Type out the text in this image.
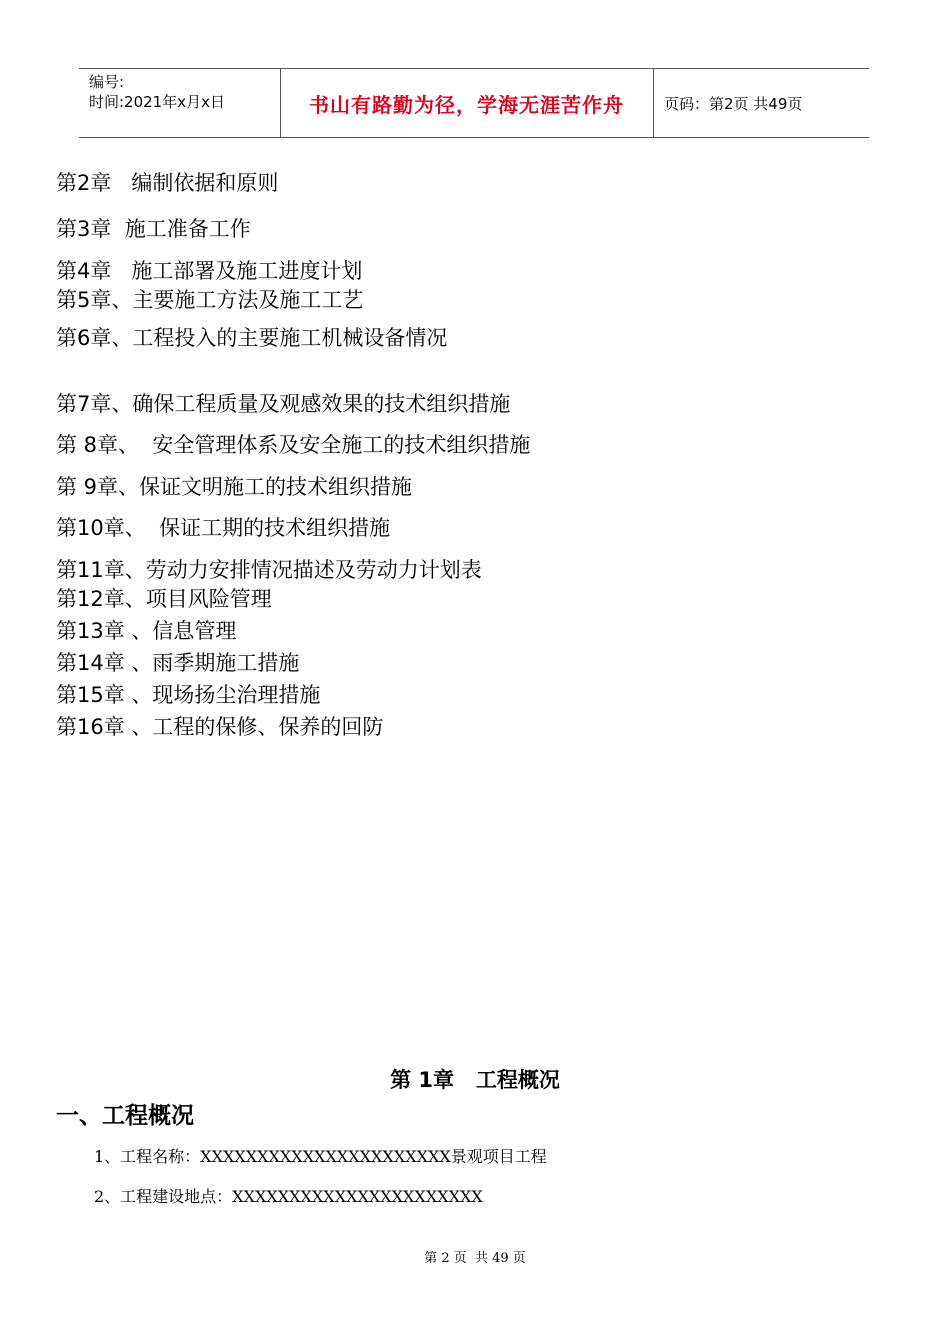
编号:
时间:2021年x月x日	书山有路勤为径，学海无涯苦作舟	页码：第2页 共49页
第2章   编制依据和原则
第3章  施工准备工作
第4章   施工部署及施工进度计划
第5章、主要施工方法及施工工艺
第6章、工程投入的主要施工机械设备情况
第7章、确保工程质量及观感效果的技术组织措施
第 8章、  安全管理体系及安全施工的技术组织措施
第 9章、保证文明施工的技术组织措施
第10章、  保证工期的技术组织措施
第11章、劳动力安排情况描述及劳动力计划表
第12章、项目风险管理
第13章 、信息管理
第14章 、雨季期施工措施
第15章 、现场扬尘治理措施
第16章 、工程的保修、保养的回防
第 1章   工程概况
一、工程概况
1、工程名称：XXXXXXXXXXXXXXXXXXXXXX景观项目工程
2、工程建设地点：XXXXXXXXXXXXXXXXXXXXXX
第 2 页  共 49 页
